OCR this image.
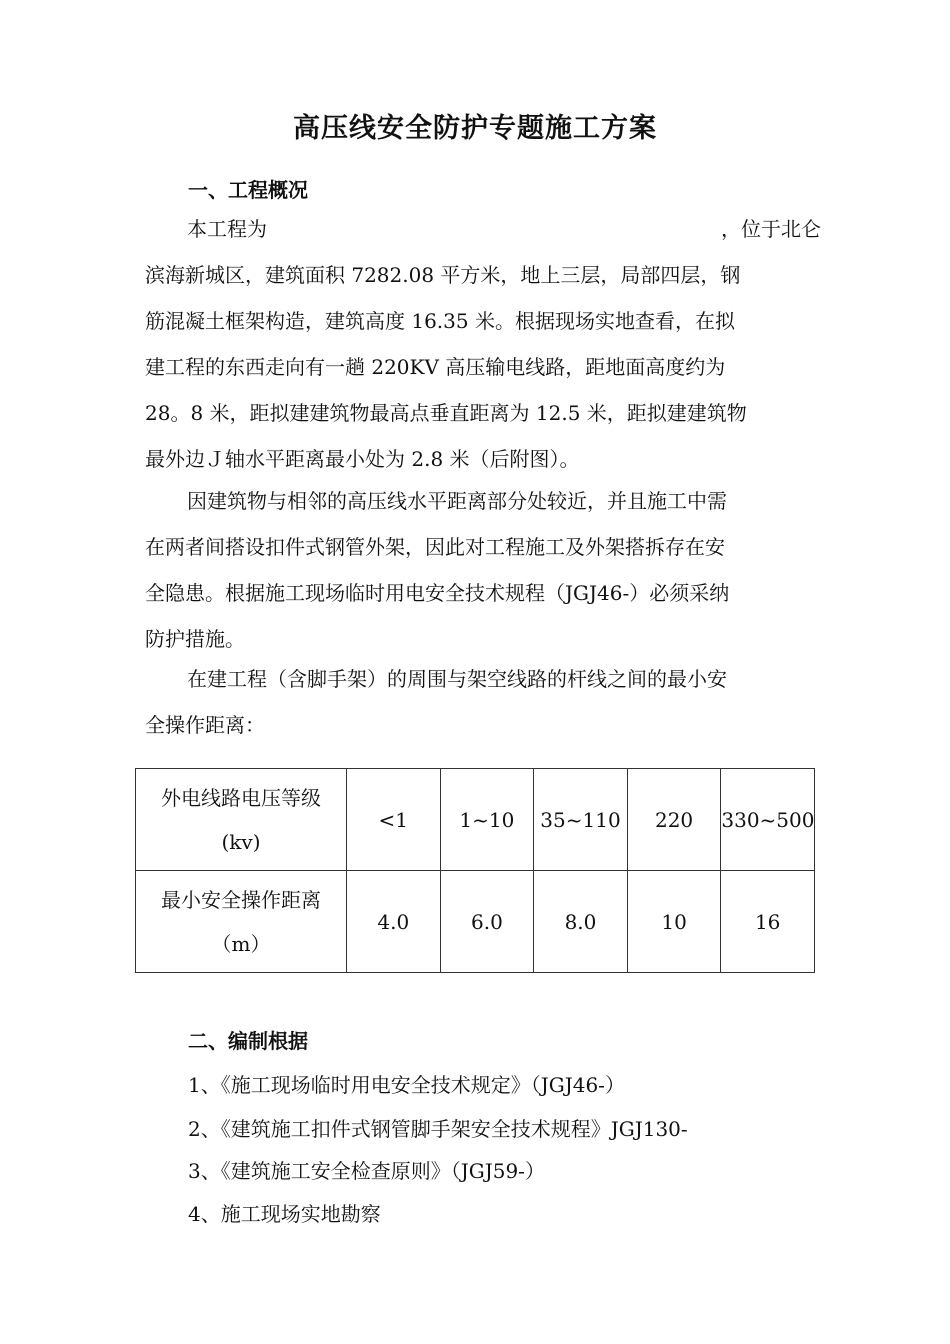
高压线安全防护专题施工方案
一、工程概况
本工程为	，位于北仑
滨海新城区，建筑面积 7282.08 平方米，地上三层，局部四层，钢
筋混凝土框架构造，建筑高度 16.35 米。根据现场实地查看，在拟
建工程的东西走向有一趟 220KV 高压输电线路，距地面高度约为
28。8 米，距拟建建筑物最高点垂直距离为 12.5 米，距拟建建筑物
最外边Ｊ轴水平距离最小处为 2.8 米（后附图）。
因建筑物与相邻的高压线水平距离部分处较近，并且施工中需
在两者间搭设扣件式钢管外架，因此对工程施工及外架搭拆存在安
全隐患。根据施工现场临时用电安全技术规程（JGJ46-）必须采纳
防护措施。
在建工程（含脚手架）的周围与架空线路的杆线之间的最小安
全操作距离：
外电线路电压等级
(kv)	<1	1~10	35~110	220	330~500

最小安全操作距离
（m）	4.0	6.0	8.0	10	16
二、编制根据
1、《施工现场临时用电安全技术规定》（JGJ46-）
2、《建筑施工扣件式钢管脚手架安全技术规程》JGJ130-
3、《建筑施工安全检查原则》（JGJ59-）
4、施工现场实地勘察
